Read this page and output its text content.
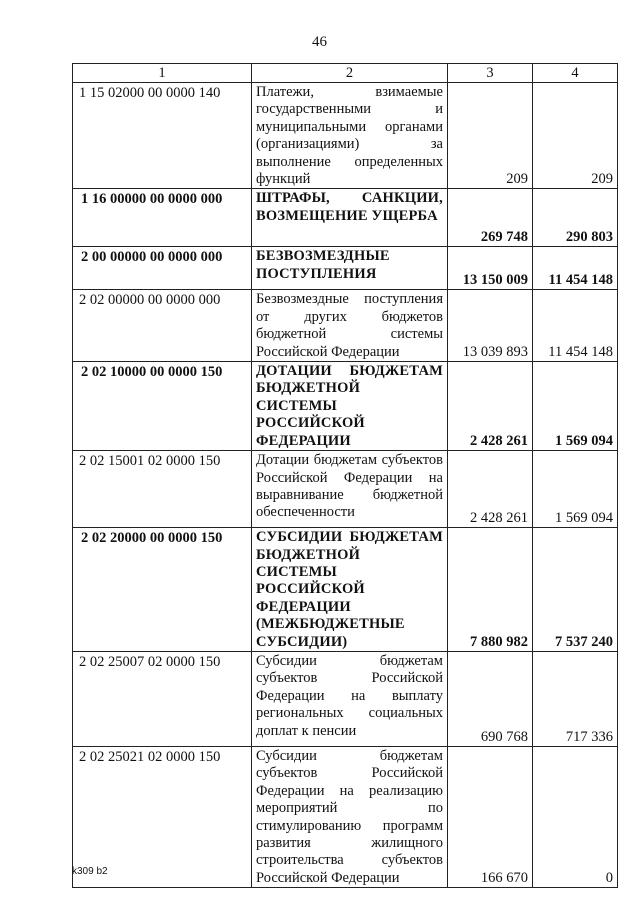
46
1	2	3	4
1 15 02000 00 0000 140	Платежи, взимаемые государственными и муниципальными органами (организациями) за выполнение определенных функций	209	209
1 16 00000 00 0000 000	ШТРАФЫ, САНКЦИИ, ВОЗМЕЩЕНИЕ УЩЕРБА	269 748	290 803
2 00 00000 00 0000 000	БЕЗВОЗМЕЗДНЫЕ ПОСТУПЛЕНИЯ	13 150 009	11 454 148
2 02 00000 00 0000 000	Безвозмездные поступления от других бюджетов бюджетной системы Российской Федерации	13 039 893	11 454 148
2 02 10000 00 0000 150	ДОТАЦИИ БЮДЖЕТАМ БЮДЖЕТНОЙ СИСТЕМЫ РОССИЙСКОЙ ФЕДЕРАЦИИ	2 428 261	1 569 094
2 02 15001 02 0000 150	Дотации бюджетам субъектов Российской Федерации на выравнивание бюджетной обеспеченности	2 428 261	1 569 094
2 02 20000 00 0000 150	СУБСИДИИ БЮДЖЕТАМ БЮДЖЕТНОЙ СИСТЕМЫ РОССИЙСКОЙ ФЕДЕРАЦИИ (МЕЖБЮДЖЕТНЫЕ СУБСИДИИ)	7 880 982	7 537 240
2 02 25007 02 0000 150	Субсидии бюджетам субъектов Российской Федерации на выплату региональных социальных доплат к пенсии	690 768	717 336
2 02 25021 02 0000 150	Субсидии бюджетам субъектов Российской Федерации на реализацию мероприятий по стимулированию программ развития жилищного строительства субъектов Российской Федерации	166 670	0
k309 b2
